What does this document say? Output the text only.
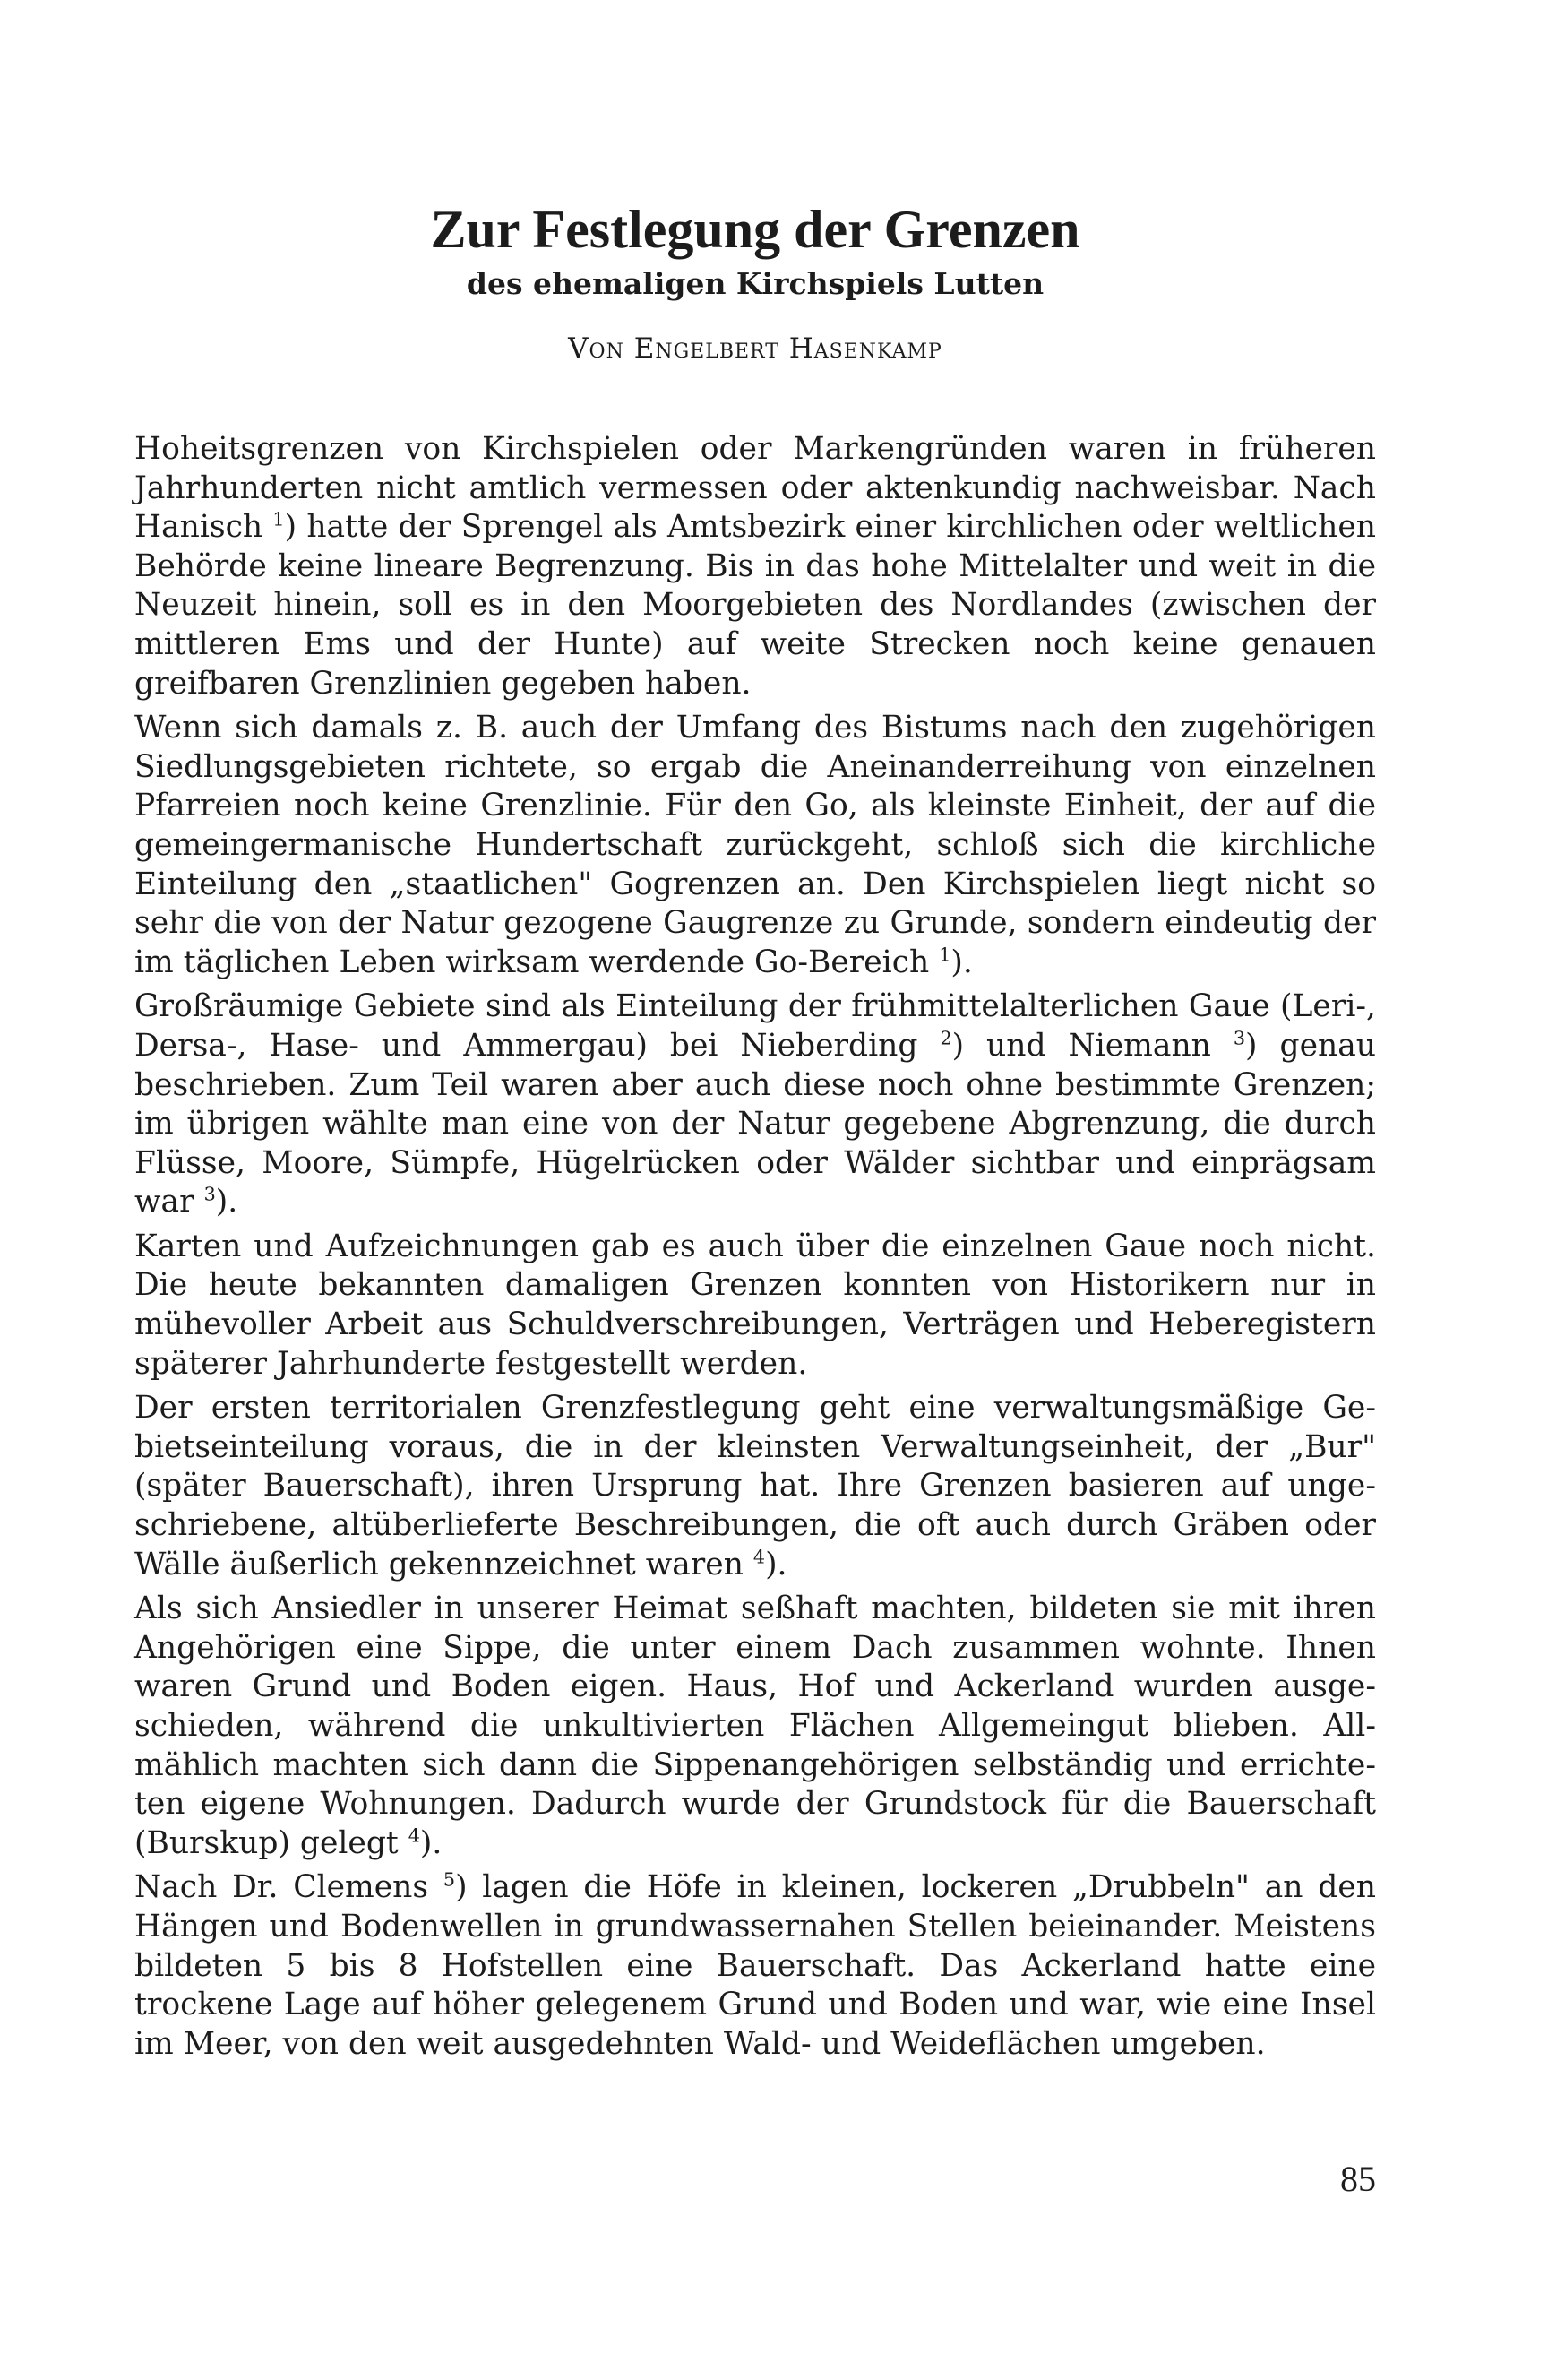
Zur Festlegung der Grenzen
des ehemaligen Kirchspiels Lutten
Von Engelbert Hasenkamp

Hoheitsgrenzen von Kirchspielen oder Markengründen waren in früheren Jahrhunderten nicht amtlich vermessen oder aktenkundig nachweisbar. Nach Hanisch $^1$) hatte der Sprengel als Amtsbezirk einer kirchlichen oder weltlichen Behörde keine lineare Begrenzung. Bis in das hohe Mittelalter und weit in die Neuzeit hinein, soll es in den Moorgebieten des Nordlandes (zwischen der mittleren Ems und der Hunte) auf weite Strecken noch keine genauen greifbaren Grenzlinien gegeben haben.

Wenn sich damals z. B. auch der Umfang des Bistums nach den zugehörigen Siedlungsgebieten richtete, so ergab die Aneinanderreihung von einzelnen Pfarreien noch keine Grenzlinie. Für den Go, als kleinste Einheit, der auf die gemeingermanische Hundertschaft zurückgeht, schloß sich die kirchliche Einteilung den „staatlichen" Gogrenzen an. Den Kirchspielen liegt nicht so sehr die von der Natur gezogene Gaugrenze zu Grunde, sondern eindeutig der im täglichen Leben wirksam werdende Go-Bereich $^1$).

Großräumige Gebiete sind als Einteilung der frühmittelalterlichen Gaue (Leri-, Dersa-, Hase- und Ammergau) bei Nieberding $^2$) und Niemann $^3$) genau beschrieben. Zum Teil waren aber auch diese noch ohne bestimmte Grenzen; im übrigen wählte man eine von der Natur gegebene Abgrenzung, die durch Flüsse, Moore, Sümpfe, Hügelrücken oder Wälder sichtbar und einprägsam war $^3$).

Karten und Aufzeichnungen gab es auch über die einzelnen Gaue noch nicht. Die heute bekannten damaligen Grenzen konnten von Historikern nur in mühevoller Arbeit aus Schuldverschreibungen, Verträgen und Heberegistern späterer Jahrhunderte festgestellt werden.

Der ersten territorialen Grenzfestlegung geht eine verwaltungsmäßige Gebietseinteilung voraus, die in der kleinsten Verwaltungseinheit, der „Bur" (später Bauerschaft), ihren Ursprung hat. Ihre Grenzen basieren auf ungeschriebene, altüberlieferte Beschreibungen, die oft auch durch Gräben oder Wälle äußerlich gekennzeichnet waren $^4$).

Als sich Ansiedler in unserer Heimat seßhaft machten, bildeten sie mit ihren Angehörigen eine Sippe, die unter einem Dach zusammen wohnte. Ihnen waren Grund und Boden eigen. Haus, Hof und Ackerland wurden ausgeschieden, während die unkultivierten Flächen Allgemeingut blieben. Allmählich machten sich dann die Sippenangehörigen selbständig und errichteten eigene Wohnungen. Dadurch wurde der Grundstock für die Bauerschaft (Burskup) gelegt $^4$).

Nach Dr. Clemens $^5$) lagen die Höfe in kleinen, lockeren „Drubbeln" an den Hängen und Bodenwellen in grundwassernahen Stellen beieinander. Meistens bildeten 5 bis 8 Hofstellen eine Bauerschaft. Das Ackerland hatte eine trockene Lage auf höher gelegenem Grund und Boden und war, wie eine Insel im Meer, von den weit ausgedehnten Wald- und Weideflächen umgeben.

85
